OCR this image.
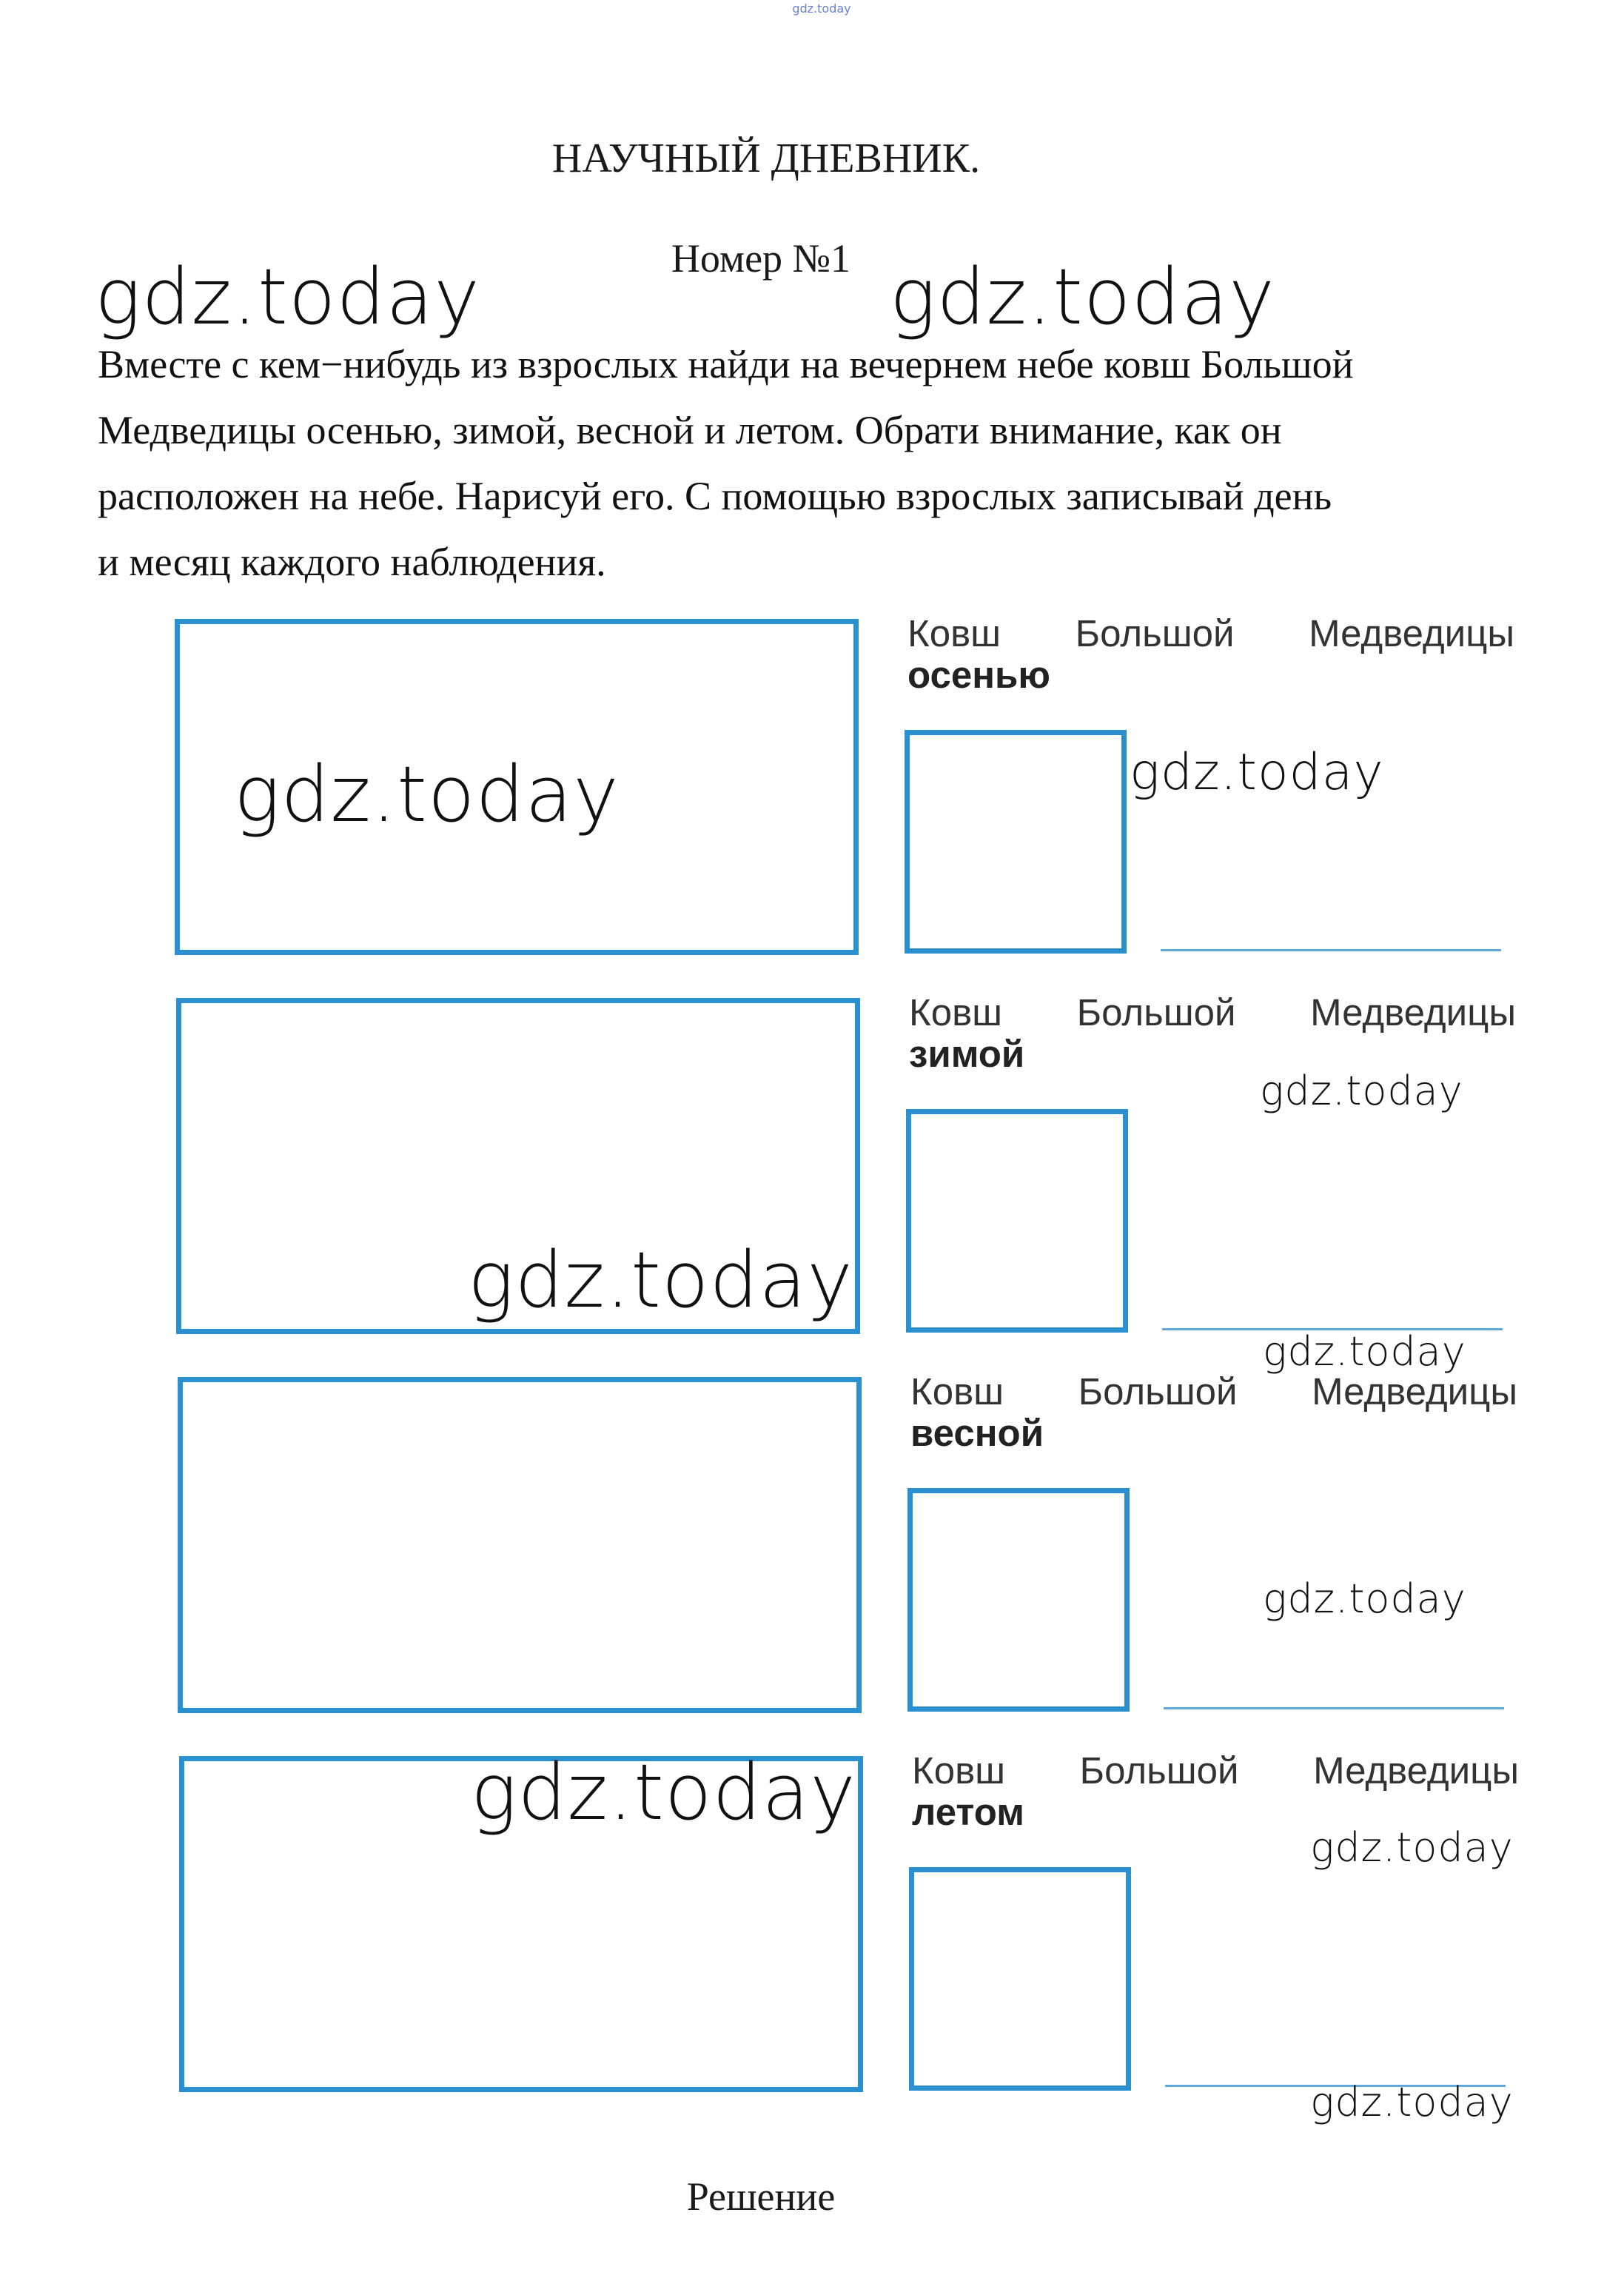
gdz.today
НАУЧНЫЙ ДНЕВНИК.
Номер №1
Вместе с кем−нибудь из взрослых найди на вечернем небе ковш Большой Медведицы осенью, зимой, весной и летом. Обрати внимание, как он расположен на небе. Нарисуй его. С помощью взрослых записывай день и месяц каждого наблюдения.
Ковш Большой Медведицы
осенью
Ковш Большой Медведицы
зимой
Ковш Большой Медведицы
весной
Ковш Большой Медведицы
летом
gdz.today	gdz.today
gdz.today	gdz.today
gdz.today
gdz.today
gdz.today
gdz.today
gdz.today
gdz.today
gdz.today
Решение
